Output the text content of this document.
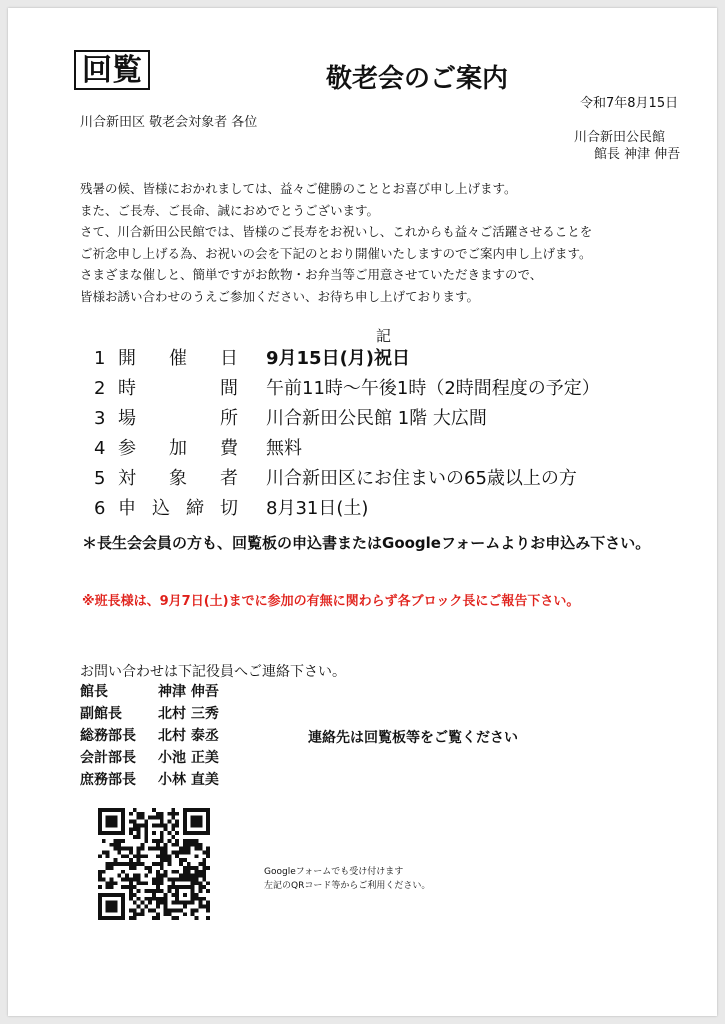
回覧	敬老会のご案内
令和7年8月15日
川合新田区 敬老会対象者 各位
川合新田公民館
館長 神津 伸吾
残暑の候、皆様におかれましては、益々ご健勝のこととお喜び申し上げます。
また、ご長寿、ご長命、誠におめでとうございます。
さて、川合新田公民館では、皆様のご長寿をお祝いし、これからも益々ご活躍させることを
ご祈念申し上げる為、お祝いの会を下記のとおり開催いたしますのでご案内申し上げます。
さまざまな催しと、簡単ですがお飲物・お弁当等ご用意させていただきますので、
皆様お誘い合わせのうえご参加ください、お待ち申し上げております。
記
1 開催日 9月15日(月)祝日
2 時間 午前11時～午後1時（2時間程度の予定）
3 場所 川合新田公民館 1階 大広間
4 参加費 無料
5 対象者 川合新田区にお住まいの65歳以上の方
6 申込締切 8月31日(土)
＊長生会会員の方も、回覧板の申込書またはGoogleフォームよりお申込み下さい。
※班長様は、9月7日(土)までに参加の有無に関わらず各ブロック長にご報告下さい。
お問い合わせは下記役員へご連絡下さい。
館長	神津 伸吾
副館長	北村 三秀
総務部長 北村 泰丞
会計部長 小池 正美
庶務部長 小林 直美
連絡先は回覧板等をご覧ください
Googleフォームでも受け付けます
左記のQRコード等からご利用ください。
